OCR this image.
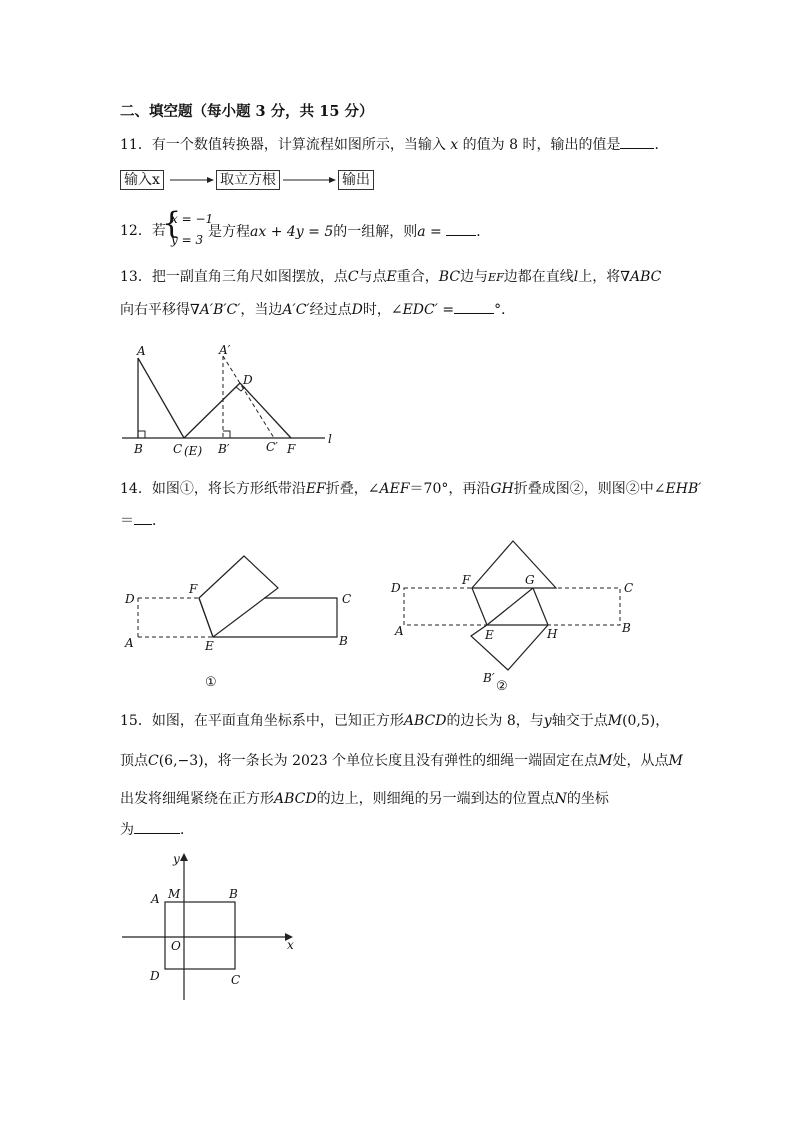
二、填空题（每小题 3 分，共 15 分）
11．有一个数值转换器，计算流程如图所示，当输入 x 的值为 8 时，输出的值是 ．
输入x	取立方根	输出
12．若
{
x = −1
y = 3 是方程ax + 4y = 5的一组解，则a = ．
13．把一副直角三角尺如图摆放，点C与点E重合，BC边与EF边都在直线l上，将∇ABC
向右平移得∇A′B′C′，当边A′C′经过点D时，∠EDC′ =	°．
A	A′
D
B	C (E) B′	C′ F
l
14．如图①，将长方形纸带沿EF折叠，∠AEF＝70°，再沿GH折叠成图②，则图②中∠EHB′
＝ ．
D
F
C
A	E	B
①
D
F	G
C
A	E	H	B
B′
②
15．如图，在平面直角坐标系中，已知正方形ABCD的边长为 8，与y轴交于点M(0,5)，
顶点C(6,−3)，将一条长为 2023 个单位长度且没有弹性的细绳一端固定在点M处，从点M
出发将细绳紧绕在正方形ABCD的边上，则细绳的另一端到达的位置点N的坐标
为	．
y
A M	B
O	x
D	C
